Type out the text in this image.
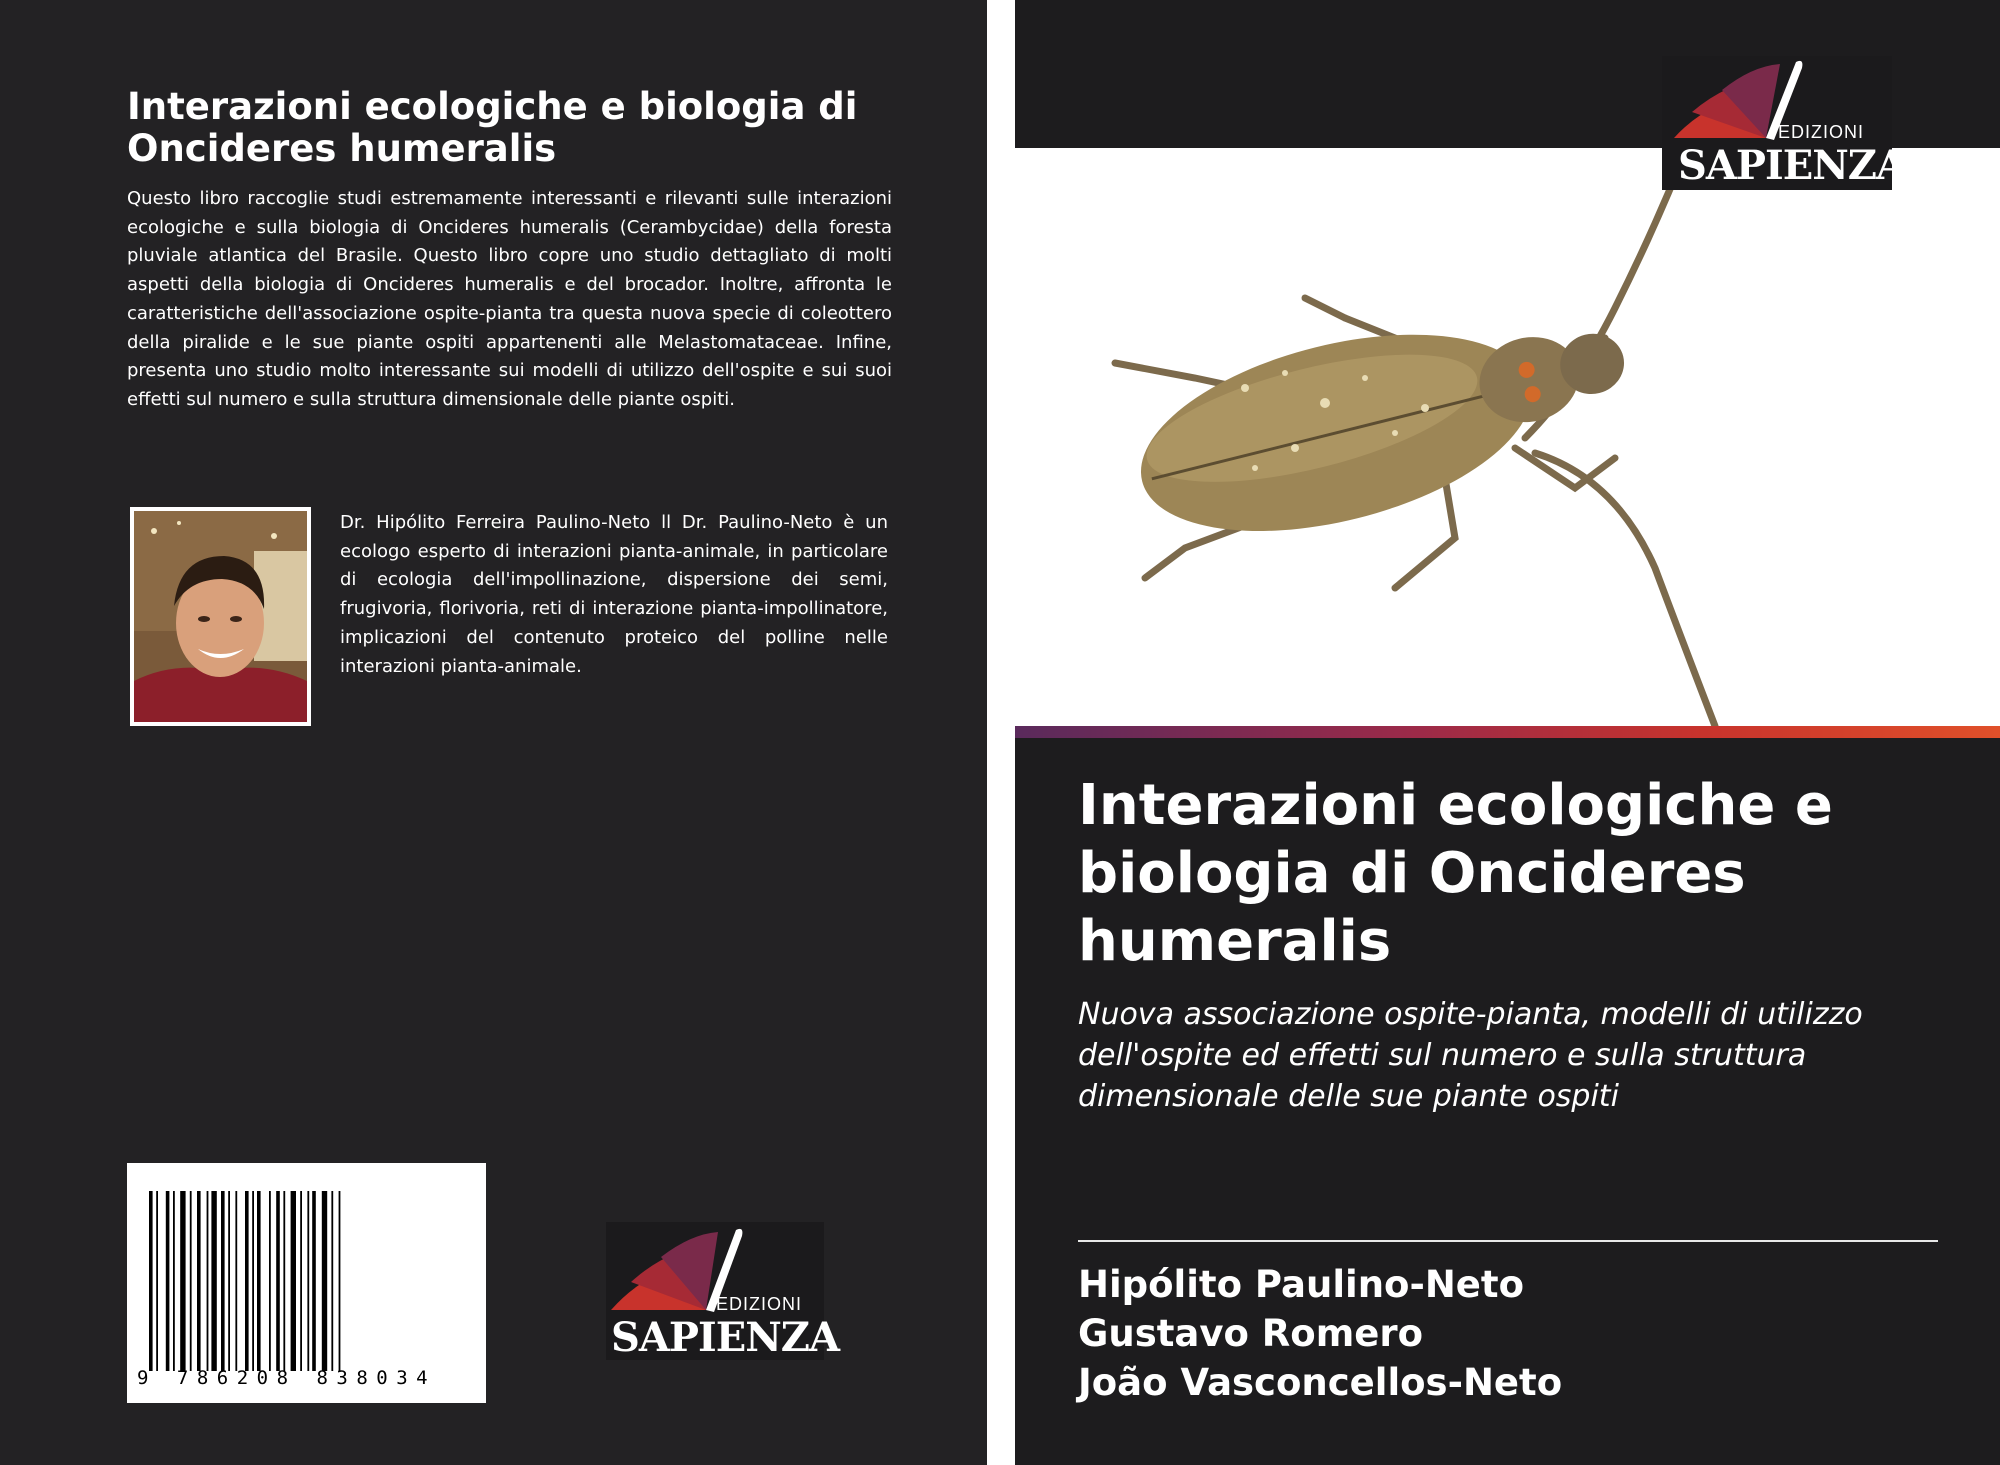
Interazioni ecologiche e biologia di Oncideres humeralis
Questo libro raccoglie studi estremamente interessanti e rilevanti sulle interazioni ecologiche e sulla biologia di Oncideres humeralis (Cerambycidae) della foresta pluviale atlantica del Brasile. Questo libro copre uno studio dettagliato di molti aspetti della biologia di Oncideres humeralis e del brocador. Inoltre, affronta le caratteristiche dell'associazione ospite-pianta tra questa nuova specie di coleottero della piralide e le sue piante ospiti appartenenti alle Melastomataceae. Infine, presenta uno studio molto interessante sui modelli di utilizzo dell'ospite e sui suoi effetti sul numero e sulla struttura dimensionale delle piante ospiti.
Dr. Hipólito Ferreira Paulino-Neto ll Dr. Paulino-Neto è un ecologo esperto di interazioni pianta-animale, in particolare di ecologia dell'impollinazione, dispersione dei semi, frugivoria, florivoria, reti di interazione pianta-impollinatore, implicazioni del contenuto proteico del polline nelle interazioni pianta-animale.
9 786208 838034
EDIZIONI
SAPIENZA
EDIZIONI
SAPIENZA
Interazioni ecologiche e biologia di Oncideres humeralis
Nuova associazione ospite-pianta, modelli di utilizzo dell'ospite ed effetti sul numero e sulla struttura dimensionale delle sue piante ospiti
Hipólito Paulino-Neto
Gustavo Romero
João Vasconcellos-Neto
